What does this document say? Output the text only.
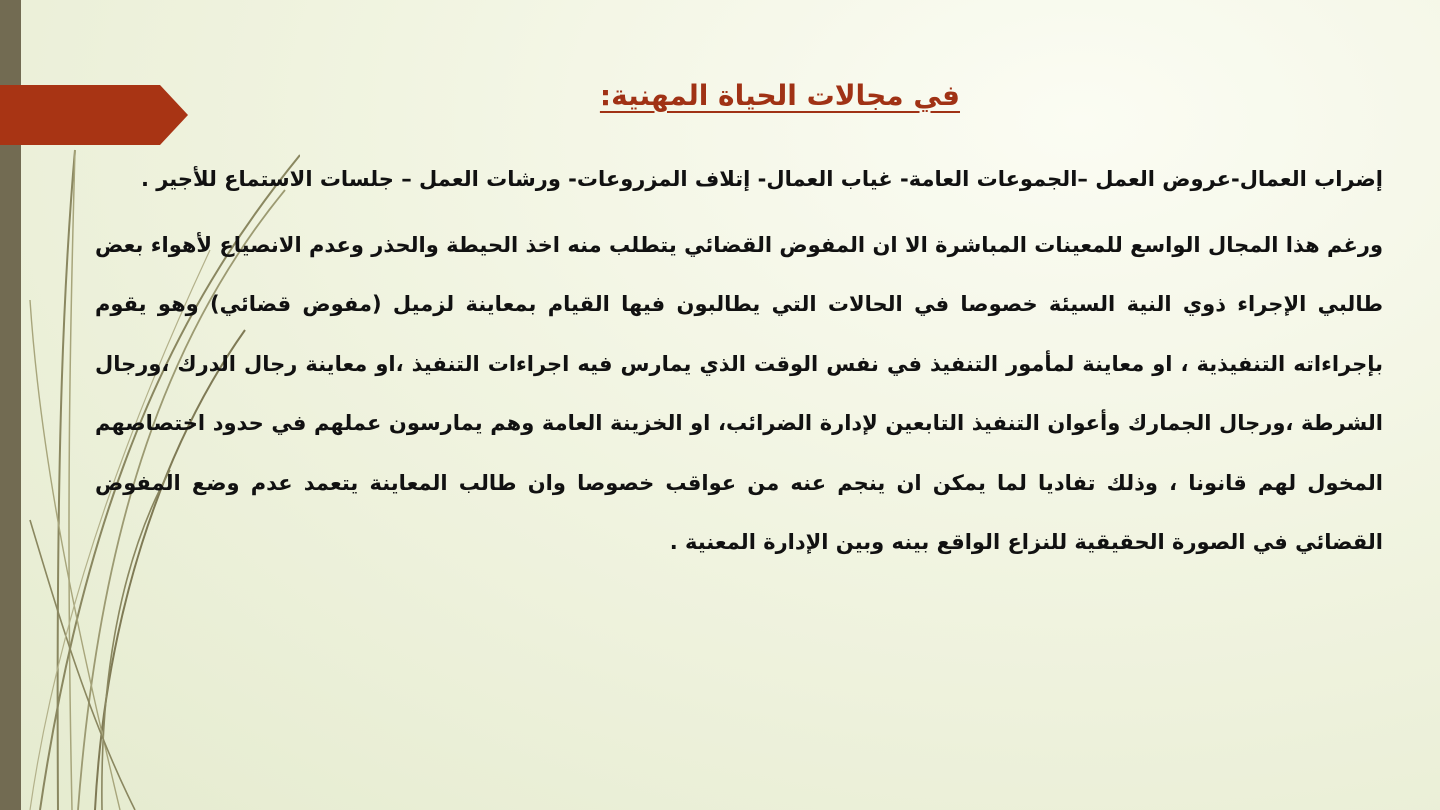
في مجالات الحياة المهنية:

إضراب العمال-عروض العمل –الجموعات العامة- غياب العمال- إتلاف المزروعات- ورشات العمل – جلسات الاستماع للأجير .

ورغم هذا المجال الواسع للمعينات المباشرة الا ان المفوض القضائي يتطلب منه اخذ الحيطة والحذر وعدم الانصياع لأهواء بعض طالبي الإجراء ذوي النية السيئة خصوصا في الحالات التي يطالبون فيها القيام بمعاينة لزميل (مفوض قضائي) وهو يقوم بإجراءاته التنفيذية ، او معاينة لمأمور التنفيذ في نفس الوقت الذي يمارس فيه اجراءات التنفيذ ،او معاينة رجال الدرك ،ورجال الشرطة ،ورجال الجمارك وأعوان التنفيذ التابعين لإدارة الضرائب، او الخزينة العامة وهم يمارسون عملهم في حدود اختصاصهم المخول لهم قانونا ، وذلك تفاديا لما يمكن ان ينجم عنه من عواقب خصوصا وان طالب المعاينة يتعمد عدم وضع المفوض القضائي في الصورة الحقيقية للنزاع الواقع بينه وبين الإدارة المعنية .
